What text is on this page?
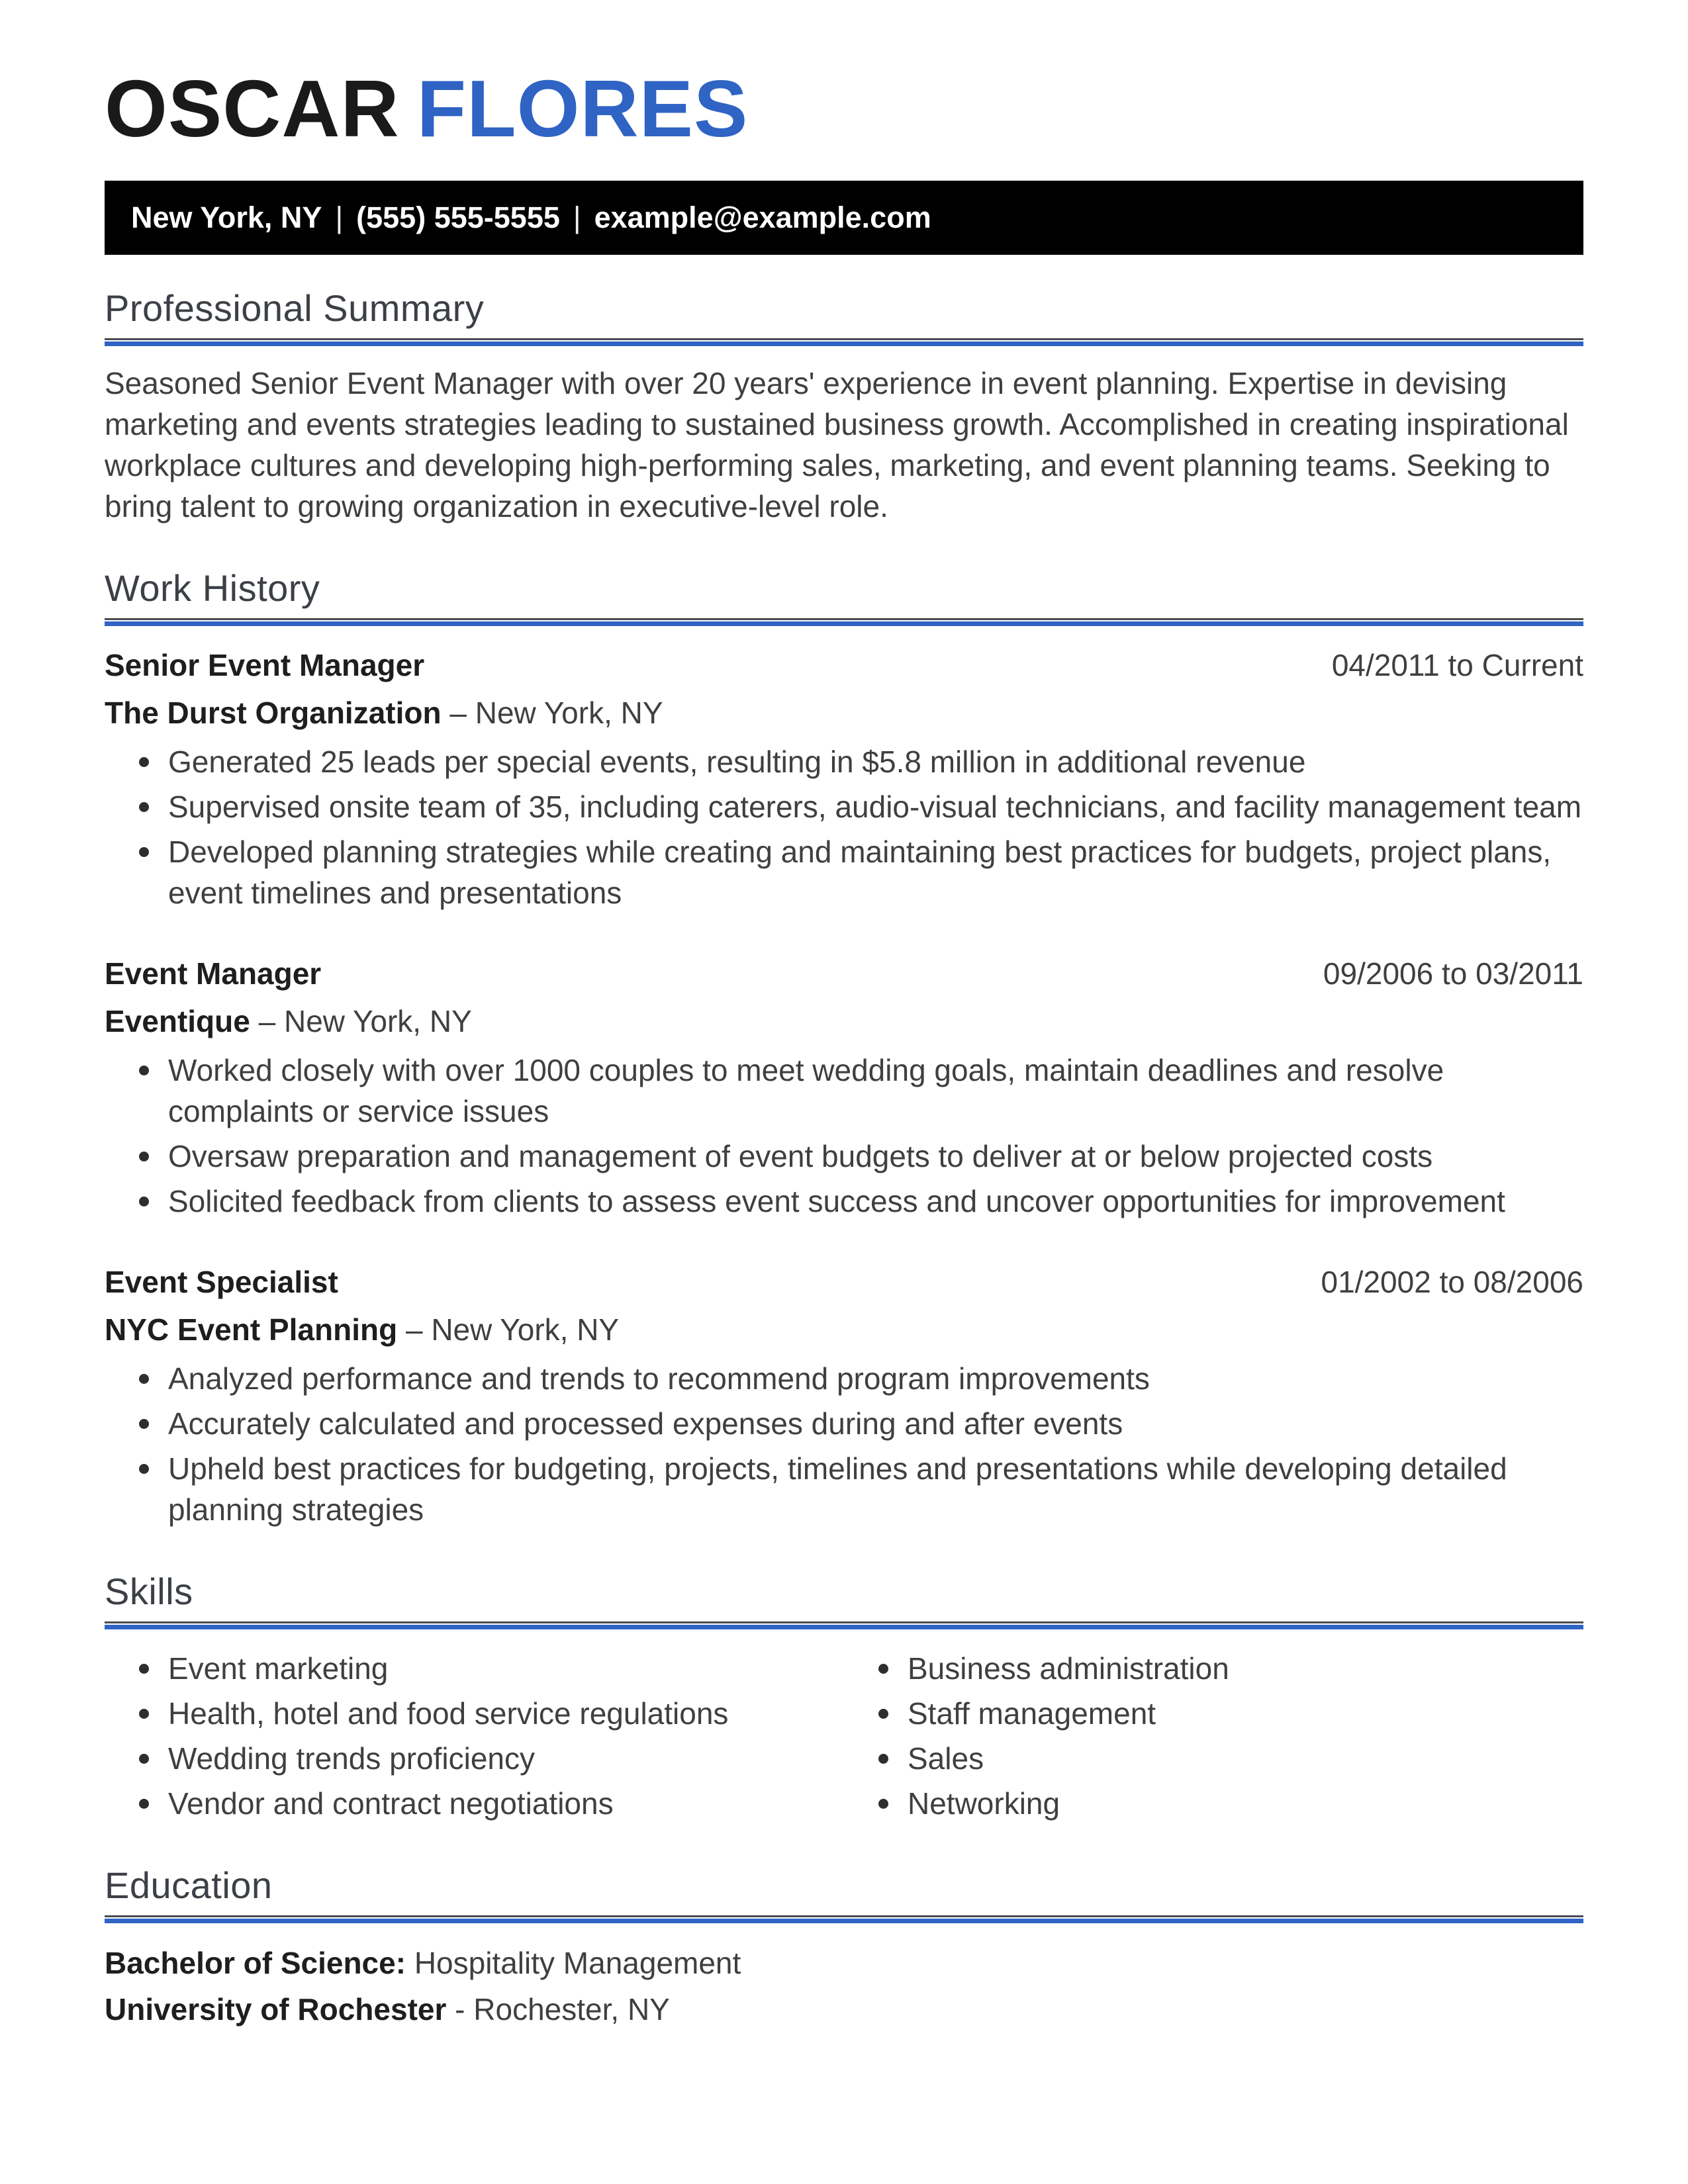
OSCAR FLORES
New York, NY | (555) 555-5555 | example@example.com
Professional Summary

Seasoned Senior Event Manager with over 20 years' experience in event planning. Expertise in devising marketing and events strategies leading to sustained business growth. Accomplished in creating inspirational workplace cultures and developing high-performing sales, marketing, and event planning teams. Seeking to bring talent to growing organization in executive-level role.

Work History
Senior Event Manager	04/2011 to Current
The Durst Organization – New York, NY
Generated 25 leads per special events, resulting in $5.8 million in additional revenue
Supervised onsite team of 35, including caterers, audio-visual technicians, and facility management team
Developed planning strategies while creating and maintaining best practices for budgets, project plans, event timelines and presentations
Event Manager	09/2006 to 03/2011
Eventique – New York, NY
Worked closely with over 1000 couples to meet wedding goals, maintain deadlines and resolve complaints or service issues
Oversaw preparation and management of event budgets to deliver at or below projected costs
Solicited feedback from clients to assess event success and uncover opportunities for improvement
Event Specialist	01/2002 to 08/2006
NYC Event Planning – New York, NY
Analyzed performance and trends to recommend program improvements
Accurately calculated and processed expenses during and after events
Upheld best practices for budgeting, projects, timelines and presentations while developing detailed planning strategies
Skills
Event marketing
Health, hotel and food service regulations
Wedding trends proficiency
Vendor and contract negotiations
Business administration
Staff management
Sales
Networking
Education
Bachelor of Science: Hospitality Management
University of Rochester - Rochester, NY
